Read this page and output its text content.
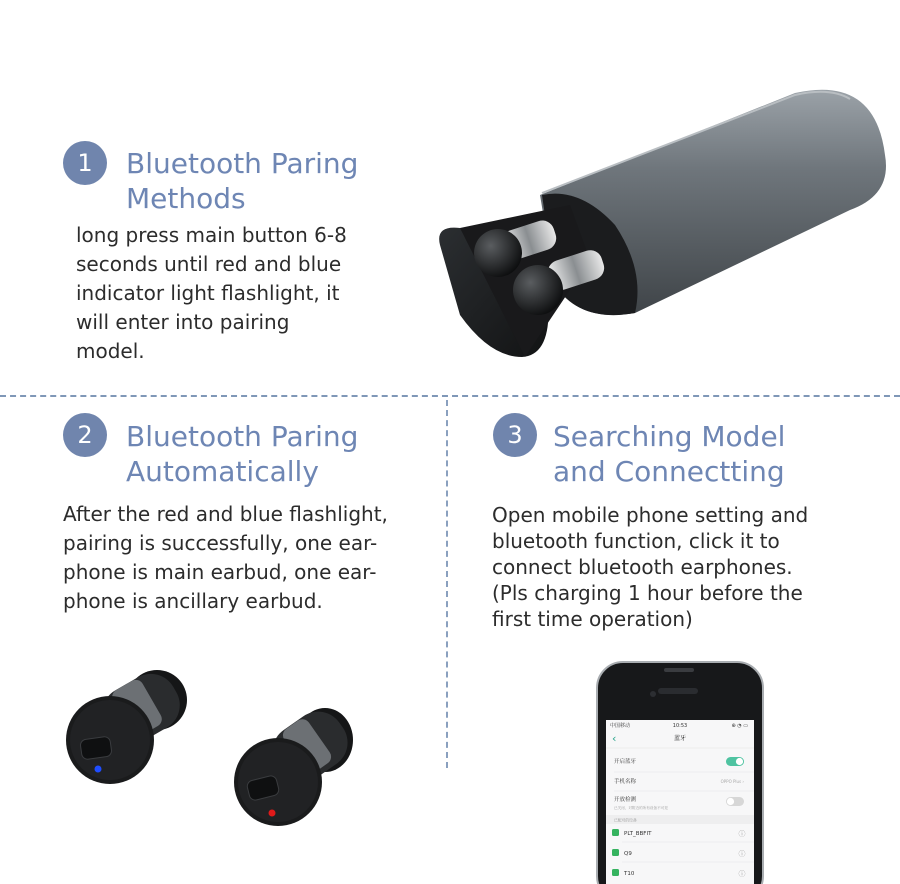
1	Bluetooth Paring
Methods

long press main button 6-8
seconds until red and blue
indicator light flashlight, it
will enter into pairing
model.

2	Bluetooth Paring
Automatically

After the red and blue flashlight,
pairing is successfully, one ear-
phone is main earbud, one ear-
phone is ancillary earbud.

3	Searching Model
and Connectting

Open mobile phone setting and
bluetooth function, click it to
connect bluetooth earphones.
(Pls charging 1 hour before the
first time operation)

中国移动	10:53	⊕ ◔ ▭
‹	蓝牙
开启蓝牙
手机名称	OPPO Plus ›
开放检测
已关闭，对附近的所有设备不可见
已配对的设备
PLT_BBFIT	ⓘ
Q9	ⓘ
T10	ⓘ
